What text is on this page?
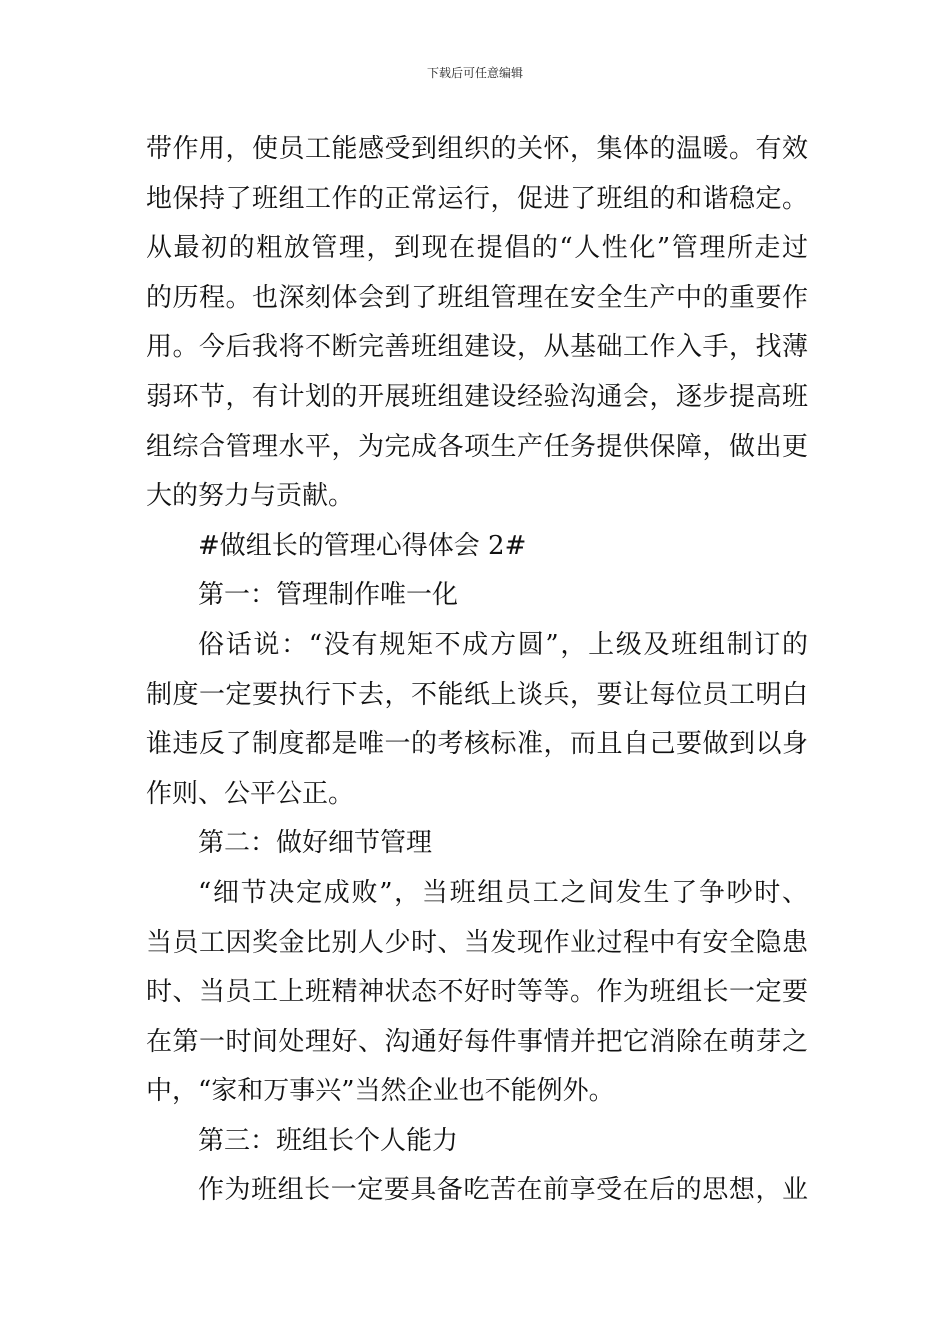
下载后可任意编辑
带作用，使员工能感受到组织的关怀，集体的温暖。有效
地保持了班组工作的正常运行，促进了班组的和谐稳定。
从最初的粗放管理，到现在提倡的“人性化”管理所走过
的历程。也深刻体会到了班组管理在安全生产中的重要作
用。今后我将不断完善班组建设，从基础工作入手，找薄
弱环节，有计划的开展班组建设经验沟通会，逐步提高班
组综合管理水平，为完成各项生产任务提供保障，做出更
大的努力与贡献。
#做组长的管理心得体会 2#
第一：管理制作唯一化
俗话说：“没有规矩不成方圆”，上级及班组制订的
制度一定要执行下去，不能纸上谈兵，要让每位员工明白
谁违反了制度都是唯一的考核标准，而且自己要做到以身
作则、公平公正。
第二：做好细节管理
“细节决定成败”，当班组员工之间发生了争吵时、
当员工因奖金比别人少时、当发现作业过程中有安全隐患
时、当员工上班精神状态不好时等等。作为班组长一定要
在第一时间处理好、沟通好每件事情并把它消除在萌芽之
中，“家和万事兴”当然企业也不能例外。
第三：班组长个人能力
作为班组长一定要具备吃苦在前享受在后的思想，业
